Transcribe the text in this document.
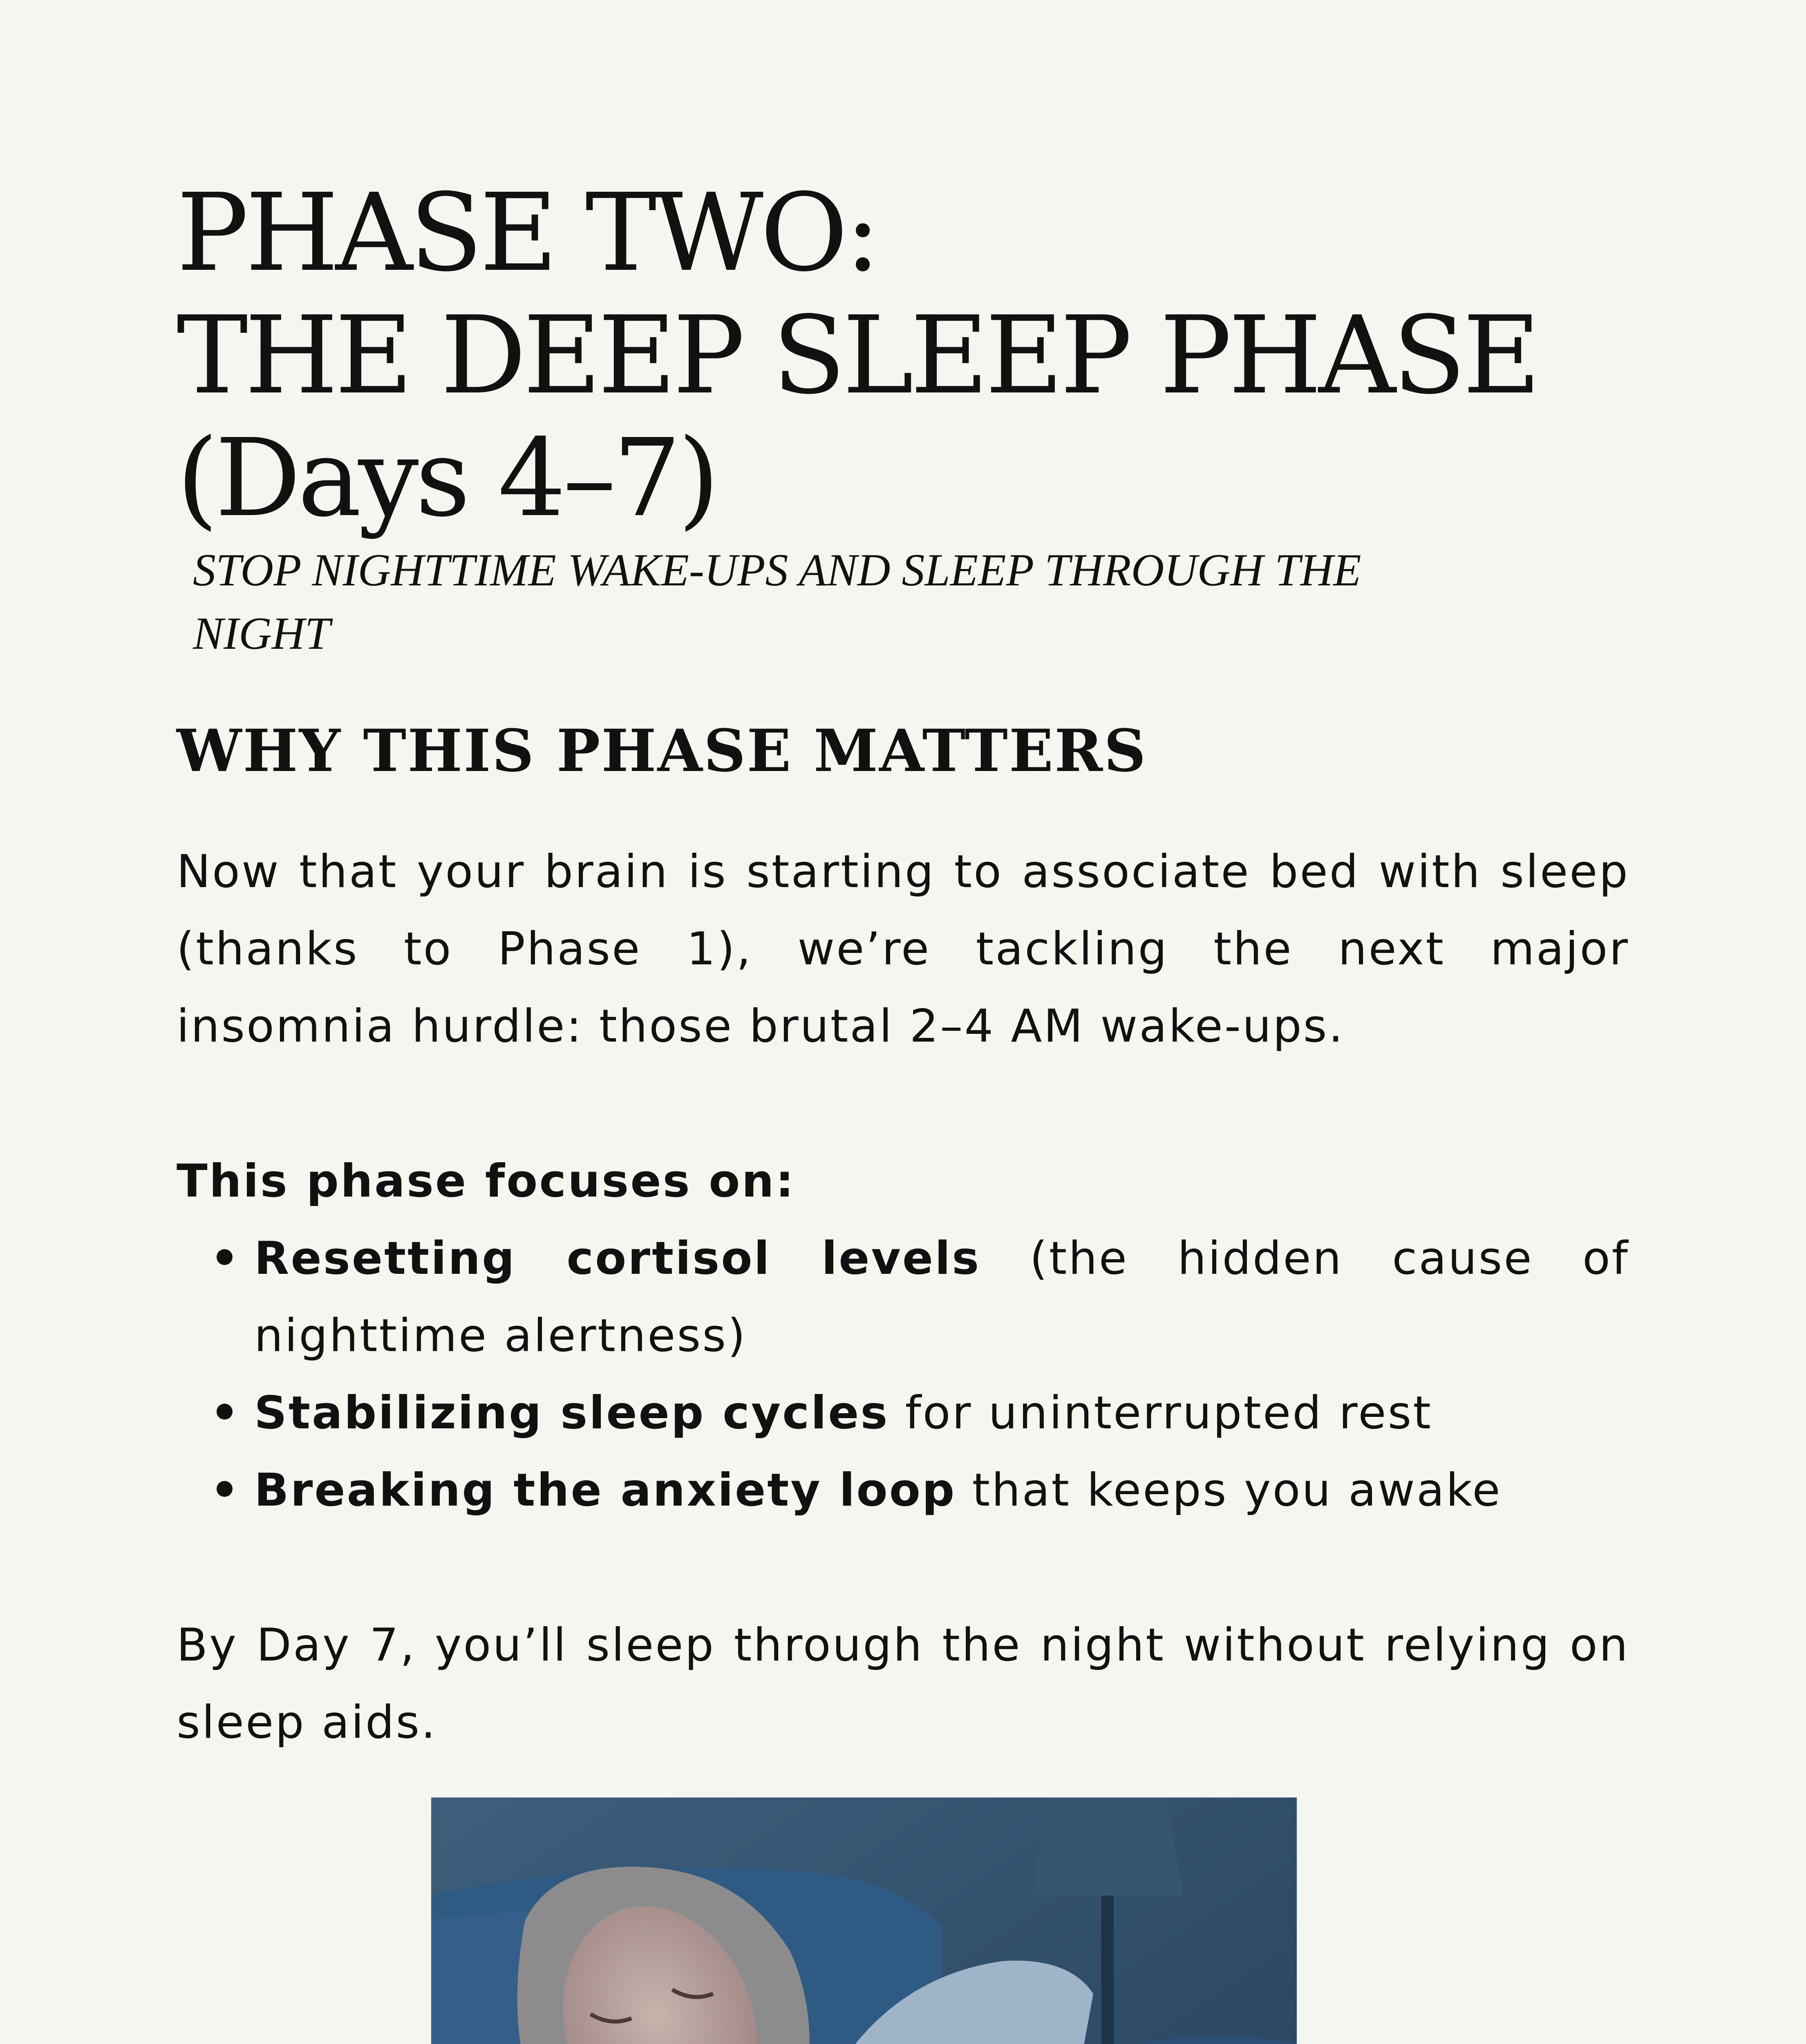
PHASE TWO:
THE DEEP SLEEP PHASE
(Days 4–7)

STOP NIGHTTIME WAKE-UPS AND SLEEP THROUGH THE NIGHT

WHY THIS PHASE MATTERS

Now that your brain is starting to associate bed with sleep (thanks to Phase 1), we’re tackling the next major insomnia hurdle: those brutal 2–4 AM wake-ups.

This phase focuses on:

• Resetting cortisol levels (the hidden cause of nighttime alertness)
• Stabilizing sleep cycles for uninterrupted rest
• Breaking the anxiety loop that keeps you awake

By Day 7, you’ll sleep through the night without relying on sleep aids.
